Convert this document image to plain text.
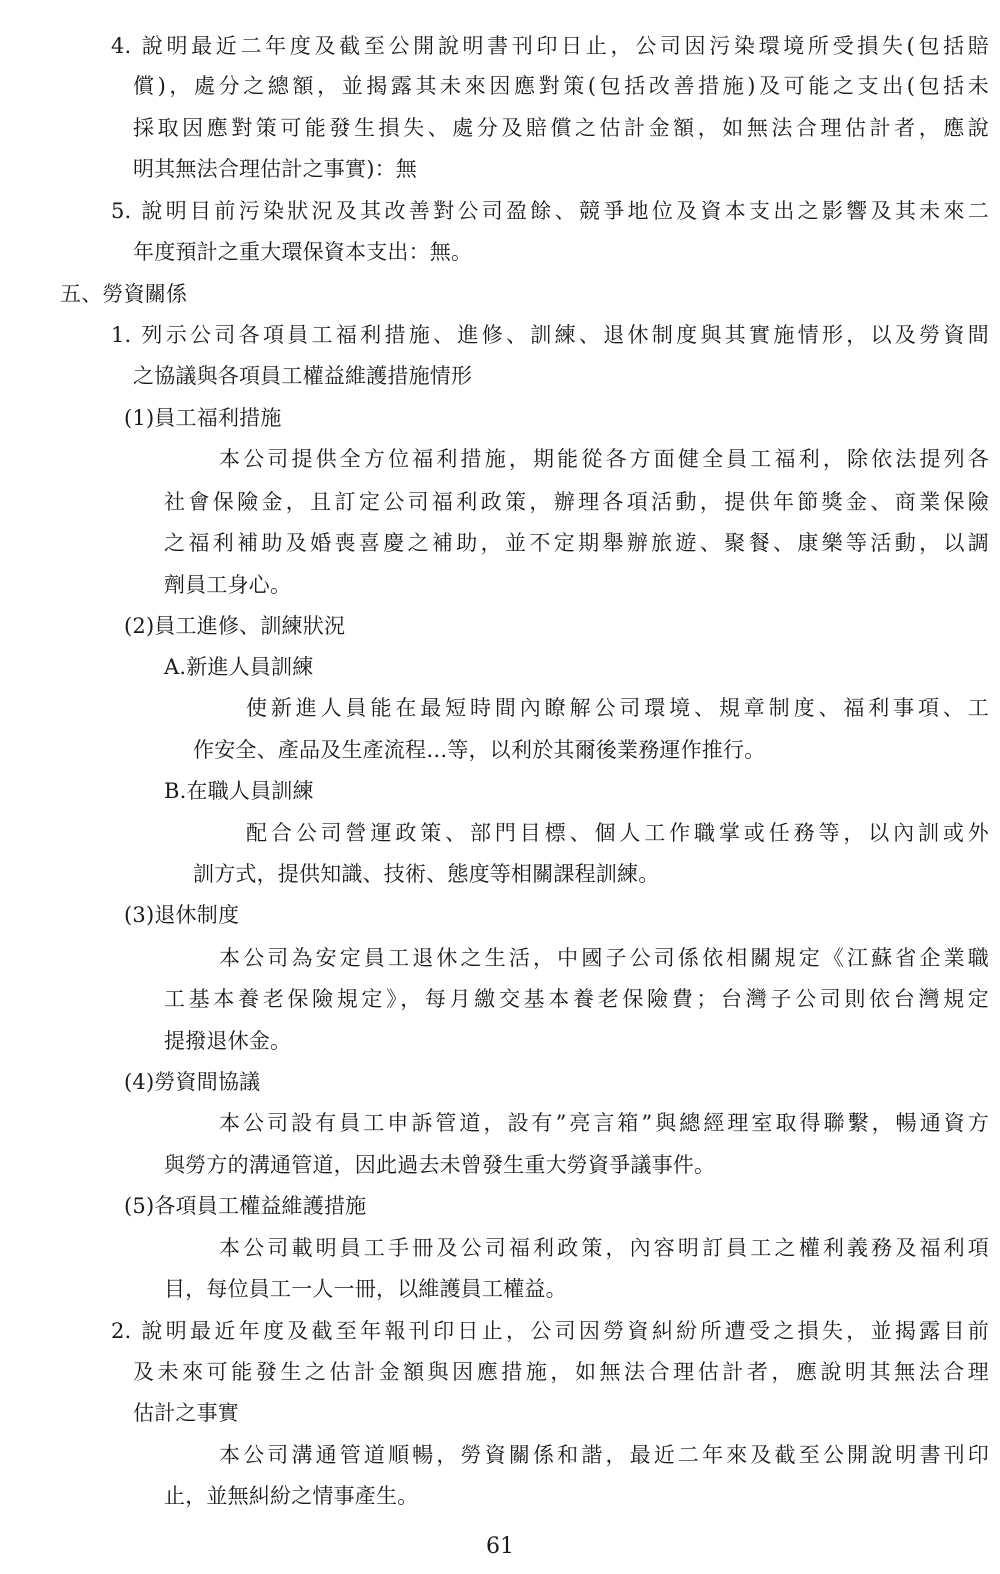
4. 說明最近二年度及截至公開說明書刊印日止，公司因污染環境所受損失(包括賠
償)，處分之總額，並揭露其未來因應對策(包括改善措施)及可能之支出(包括未
採取因應對策可能發生損失、處分及賠償之估計金額，如無法合理估計者，應說
明其無法合理估計之事實)：無
5. 說明目前污染狀況及其改善對公司盈餘、競爭地位及資本支出之影響及其未來二
年度預計之重大環保資本支出：無。
五、勞資關係
1. 列示公司各項員工福利措施、進修、訓練、退休制度與其實施情形，以及勞資間
之協議與各項員工權益維護措施情形
(1)員工福利措施
本公司提供全方位福利措施，期能從各方面健全員工福利，除依法提列各
社會保險金，且訂定公司福利政策，辦理各項活動，提供年節獎金、商業保險
之福利補助及婚喪喜慶之補助，並不定期舉辦旅遊、聚餐、康樂等活動，以調
劑員工身心。
(2)員工進修、訓練狀況
A.新進人員訓練
使新進人員能在最短時間內瞭解公司環境、規章制度、福利事項、工
作安全、產品及生產流程…等，以利於其爾後業務運作推行。
B.在職人員訓練
配合公司營運政策、部門目標、個人工作職掌或任務等，以內訓或外
訓方式，提供知識、技術、態度等相關課程訓練。
(3)退休制度
本公司為安定員工退休之生活，中國子公司係依相關規定《江蘇省企業職
工基本養老保險規定》，每月繳交基本養老保險費；台灣子公司則依台灣規定
提撥退休金。
(4)勞資間協議
本公司設有員工申訴管道，設有”亮言箱”與總經理室取得聯繫，暢通資方
與勞方的溝通管道，因此過去未曾發生重大勞資爭議事件。
(5)各項員工權益維護措施
本公司載明員工手冊及公司福利政策，內容明訂員工之權利義務及福利項
目，每位員工一人一冊，以維護員工權益。
2. 說明最近年度及截至年報刊印日止，公司因勞資糾紛所遭受之損失，並揭露目前
及未來可能發生之估計金額與因應措施，如無法合理估計者，應說明其無法合理
估計之事實
本公司溝通管道順暢，勞資關係和諧，最近二年來及截至公開說明書刊印
止，並無糾紛之情事產生。
61
